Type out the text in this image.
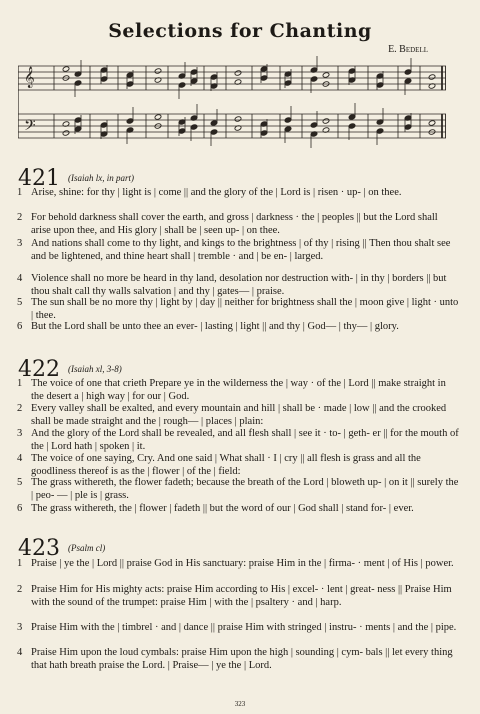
Selections for Chanting
E. Bedell
𝄞
𝄢
421 $^{(Isaiah lx, in part)}$
1 Arise, shine: for thy | light is | come || and the glory of the | Lord is | risen · up- | on thee.
2 For behold darkness shall cover the earth, and gross | darkness · the | peoples || but the Lord shall arise upon thee, and His glory | shall be | seen up- | on thee.
3 And nations shall come to thy light, and kings to the brightness | of thy | rising || Then thou shalt see and be lightened, and thine heart shall | tremble · and | be en- | larged.
4 Violence shall no more be heard in thy land, desolation nor destruction with- | in thy | borders || but thou shalt call thy walls salvation | and thy | gates— | praise.
5 The sun shall be no more thy | light by | day || neither for brightness shall the | moon give | light · unto | thee.
6 But the Lord shall be unto thee an ever- | lasting | light || and thy | God— | thy— | glory.
422 $^{(Isaiah xl, 3-8)}$
1 The voice of one that crieth Prepare ye in the wilderness the | way · of the | Lord || make straight in the desert a | high way | for our | God.
2 Every valley shall be exalted, and every mountain and hill | shall be · made | low || and the crooked shall be made straight and the | rough— | places | plain:
3 And the glory of the Lord shall be revealed, and all flesh shall | see it · to- | geth- er || for the mouth of the | Lord hath | spoken | it.
4 The voice of one saying, Cry. And one said | What shall · I | cry || all flesh is grass and all the goodliness thereof is as the | flower | of the | field:
5 The grass withereth, the flower fadeth; because the breath of the Lord | bloweth up- | on it || surely the | peo- — | ple is | grass.
6 The grass withereth, the | flower | fadeth || but the word of our | God shall | stand for- | ever.
423 $^{(Psalm cl)}$
1 Praise | ye the | Lord || praise God in His sanctuary: praise Him in the | firma- · ment | of His | power.
2 Praise Him for His mighty acts: praise Him according to His | excel- · lent | great- ness || Praise Him with the sound of the trumpet: praise Him | with the | psaltery · and | harp.
3 Praise Him with the | timbrel · and | dance || praise Him with stringed | instru- · ments | and the | pipe.
4 Praise Him upon the loud cymbals: praise Him upon the high | sounding | cym- bals || let every thing that hath breath praise the Lord. | Praise— | ye the | Lord.
323
